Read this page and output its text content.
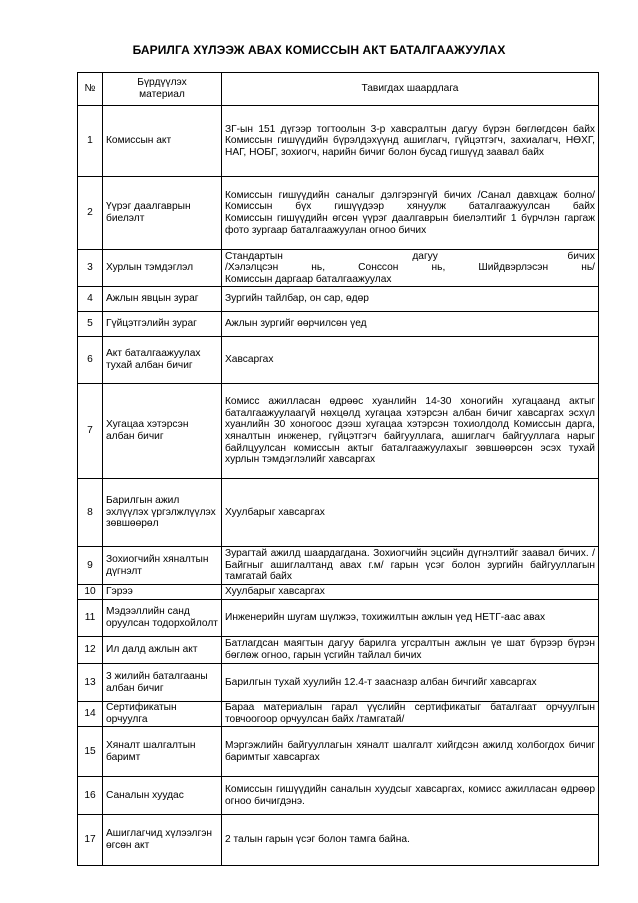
БАРИЛГА ХҮЛЭЭЖ АВАХ КОМИССЫН АКТ БАТАЛГААЖУУЛАХ
№	Бүрдүүлэх материал	Тавигдах шаардлага
1	Комиссын акт	ЗГ-ын 151 дүгээр тогтоолын 3-р хавсралтын дагуу бүрэн бөглөгдсөн байх
Комиссын гишүүдийн бүрэлдэхүүнд ашиглагч, гүйцэтгэгч, захиалагч, НӨХГ, НАГ, НОБГ, зохиогч, нарийн бичиг болон бусад гишүүд заавал байх

2	Үүрэг даалгаврын биелэлт	Комиссын гишүүдийн саналыг дэлгэрэнгүй бичих /Санал давхцаж болно/
Комиссын бүх гишүүдээр хянуулж баталгаажуулсан байх
Комиссын гишүүдийн өгсөн үүрэг даалгаврын биелэлтийг 1 бүрчлэн гаргаж фото зургаар баталгаажуулан огноо бичих

3	Хурлын тэмдэглэл	Стандартын дагуу бичих
/Хэлэлцсэн нь, Сонссон нь, Шийдвэрлэсэн нь/
Комиссын даргаар баталгаажуулах

4	Ажлын явцын зураг	Зургийн тайлбар, он сар, өдөр

5	Гүйцэтгэлийн зураг	Ажлын зургийг өөрчилсөн үед

6	Акт баталгаажуулах тухай албан бичиг	Хавсаргах

7	Хугацаа хэтэрсэн албан бичиг	Комисс ажилласан өдрөөс хуанлийн 14-30 хоногийн хугацаанд актыг баталгаажуулаагүй нөхцөлд хугацаа хэтэрсэн албан бичиг хавсаргах эсхүл хуанлийн 30 хоногоос дээш хугацаа хэтэрсэн тохиолдолд Комиссын дарга, хяналтын инженер, гүйцэтгэгч байгууллага, ашиглагч байгууллага нарыг байлцуулсан комиссын актыг баталгаажуулахыг зөвшөөрсөн эсэх тухай хурлын тэмдэглэлийг хавсаргах

8	Барилгын ажил эхлүүлэх үргэлжлүүлэх зөвшөөрөл	Хуулбарыг хавсаргах

9	Зохиогчийн хяналтын дүгнэлт	Зурагтай ажилд шаардагдана. Зохиогчийн эцсийн дүгнэлтийг заавал бичих. /Байгныг ашиглалтанд авах г.м/ гарын үсэг болон зургийн байгууллагын тамгатай байх

10	Гэрээ	Хуулбарыг хавсаргах

11	Мэдээллийн санд оруулсан тодорхойлолт	Инженерийн шугам шүлжээ, тохижилтын ажлын үед НЕТГ-аас авах

12	Ил далд ажлын акт	Батлагдсан маягтын дагуу барилга угсралтын ажлын үе шат бүрээр бүрэн бөглөж огноо, гарын үсгийн тайлал бичих

13	3 жилийн баталгааны албан бичиг	Барилгын тухай хуулийн 12.4-т заасназр албан бичгийг хавсаргах

14	Сертификатын орчуулга	Бараа материалын гарал үүслийн сертификатыг баталгаат орчуулгын товчоогоор орчуулсан байх /тамгатай/

15	Хяналт шалгалтын баримт	Мэргэжлийн байгууллагын хяналт шалгалт хийгдсэн ажилд холбогдох бичиг баримтыг хавсаргах

16	Саналын хуудас	Комиссын гишүүдийн саналын хуудсыг хавсаргах, комисс ажилласан өдрөөр огноо бичигдэнэ.

17	Ашиглагчид хүлээлгэн өгсөн акт	2 талын гарын үсэг болон тамга байна.
